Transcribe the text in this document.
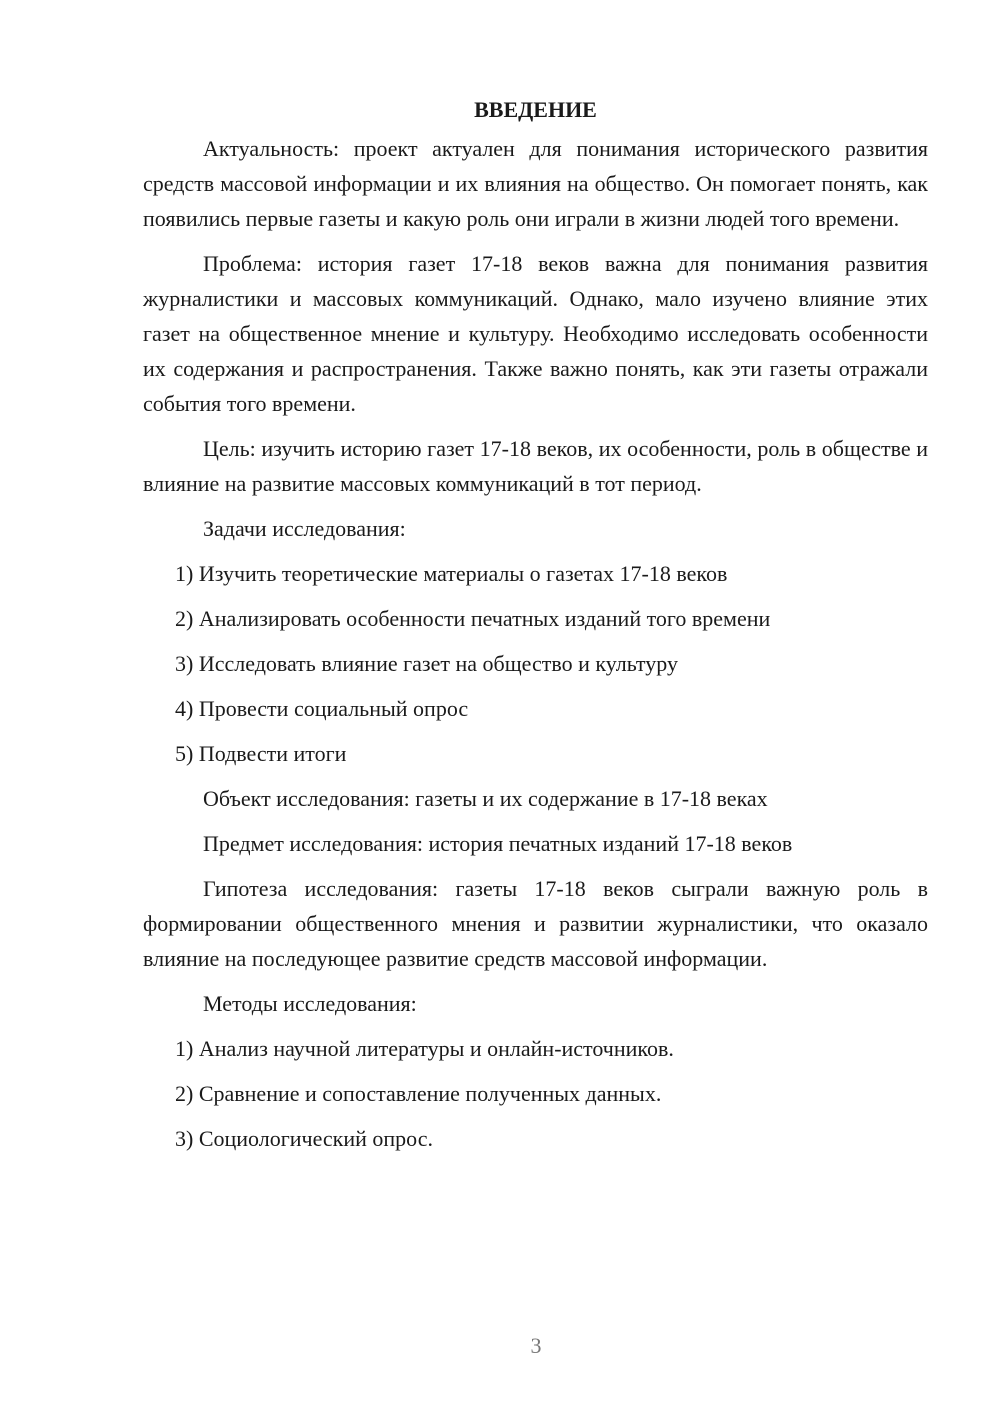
ВВЕДЕНИЕ
Актуальность: проект актуален для понимания исторического развития средств массовой информации и их влияния на общество. Он помогает понять, как появились первые газеты и какую роль они играли в жизни людей того времени.
Проблема: история газет 17-18 веков важна для понимания развития журналистики и массовых коммуникаций. Однако, мало изучено влияние этих газет на общественное мнение и культуру. Необходимо исследовать особенности их содержания и распространения. Также важно понять, как эти газеты отражали события того времени.
Цель: изучить историю газет 17-18 веков, их особенности, роль в обществе и влияние на развитие массовых коммуникаций в тот период.
Задачи исследования:
1) Изучить теоретические материалы о газетах 17-18 веков
2) Анализировать особенности печатных изданий того времени
3) Исследовать влияние газет на общество и культуру
4) Провести социальный опрос
5) Подвести итоги
Объект исследования: газеты и их содержание в 17-18 веках
Предмет исследования: история печатных изданий 17-18 веков
Гипотеза исследования: газеты 17-18 веков сыграли важную роль в формировании общественного мнения и развитии журналистики, что оказало влияние на последующее развитие средств массовой информации.
Методы исследования:
1) Анализ научной литературы и онлайн-источников.
2) Сравнение и сопоставление полученных данных.
3) Социологический опрос.
3
